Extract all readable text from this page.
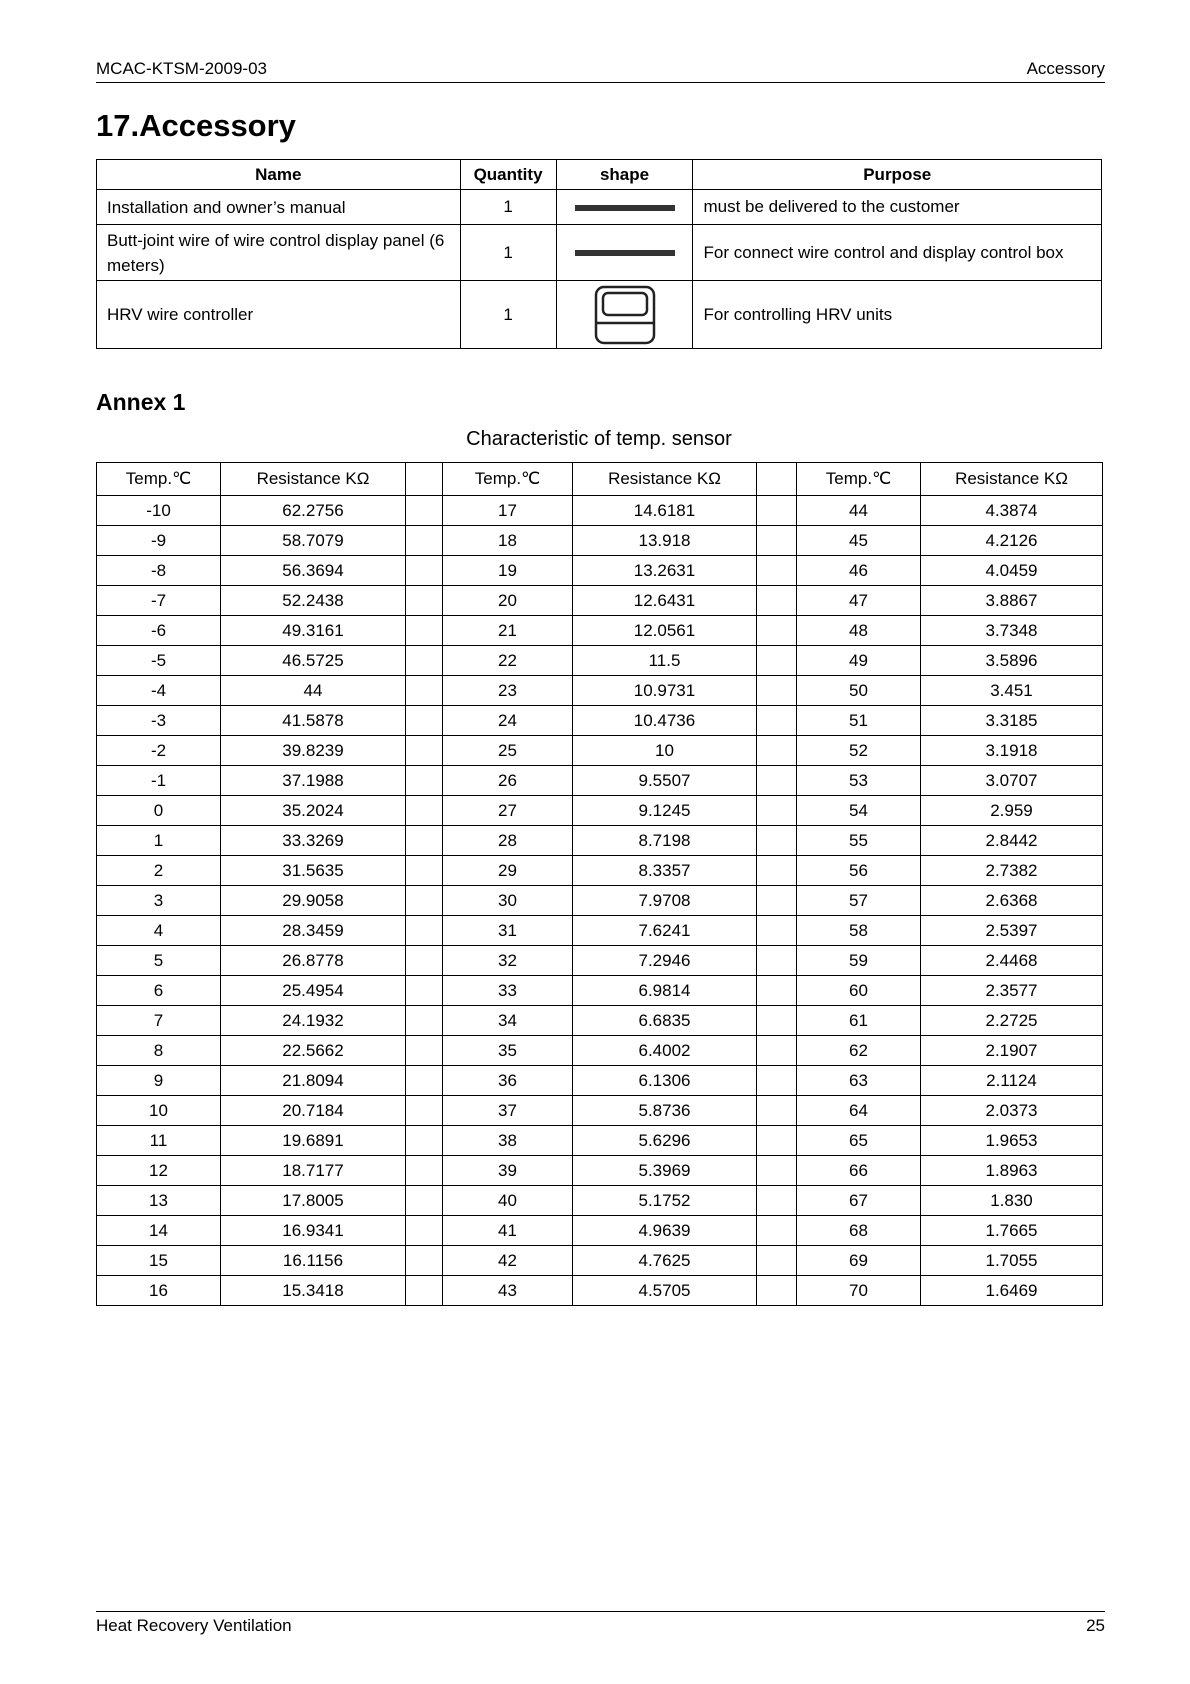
MCAC-KTSM-2009-03	Accessory
17.Accessory
Name	Quantity	shape	Purpose
Installation and owner’s manual	1		must be delivered to the customer
Butt-joint wire of wire control display panel (6 meters)	1		For connect wire control and display control box
HRV wire controller	1		For controlling HRV units
Annex 1
Characteristic of temp. sensor
Temp.℃	Resistance KΩ		Temp.℃	Resistance KΩ		Temp.℃	Resistance KΩ
-10	62.2756		17	14.6181		44	4.3874
-9	58.7079		18	13.918		45	4.2126
-8	56.3694		19	13.2631		46	4.0459
-7	52.2438		20	12.6431		47	3.8867
-6	49.3161		21	12.0561		48	3.7348
-5	46.5725		22	11.5		49	3.5896
-4	44		23	10.9731		50	3.451
-3	41.5878		24	10.4736		51	3.3185
-2	39.8239		25	10		52	3.1918
-1	37.1988		26	9.5507		53	3.0707
0	35.2024		27	9.1245		54	2.959
1	33.3269		28	8.7198		55	2.8442
2	31.5635		29	8.3357		56	2.7382
3	29.9058		30	7.9708		57	2.6368
4	28.3459		31	7.6241		58	2.5397
5	26.8778		32	7.2946		59	2.4468
6	25.4954		33	6.9814		60	2.3577
7	24.1932		34	6.6835		61	2.2725
8	22.5662		35	6.4002		62	2.1907
9	21.8094		36	6.1306		63	2.1124
10	20.7184		37	5.8736		64	2.0373
11	19.6891		38	5.6296		65	1.9653
12	18.7177		39	5.3969		66	1.8963
13	17.8005		40	5.1752		67	1.830
14	16.9341		41	4.9639		68	1.7665
15	16.1156		42	4.7625		69	1.7055
16	15.3418		43	4.5705		70	1.6469
Heat Recovery Ventilation	25
